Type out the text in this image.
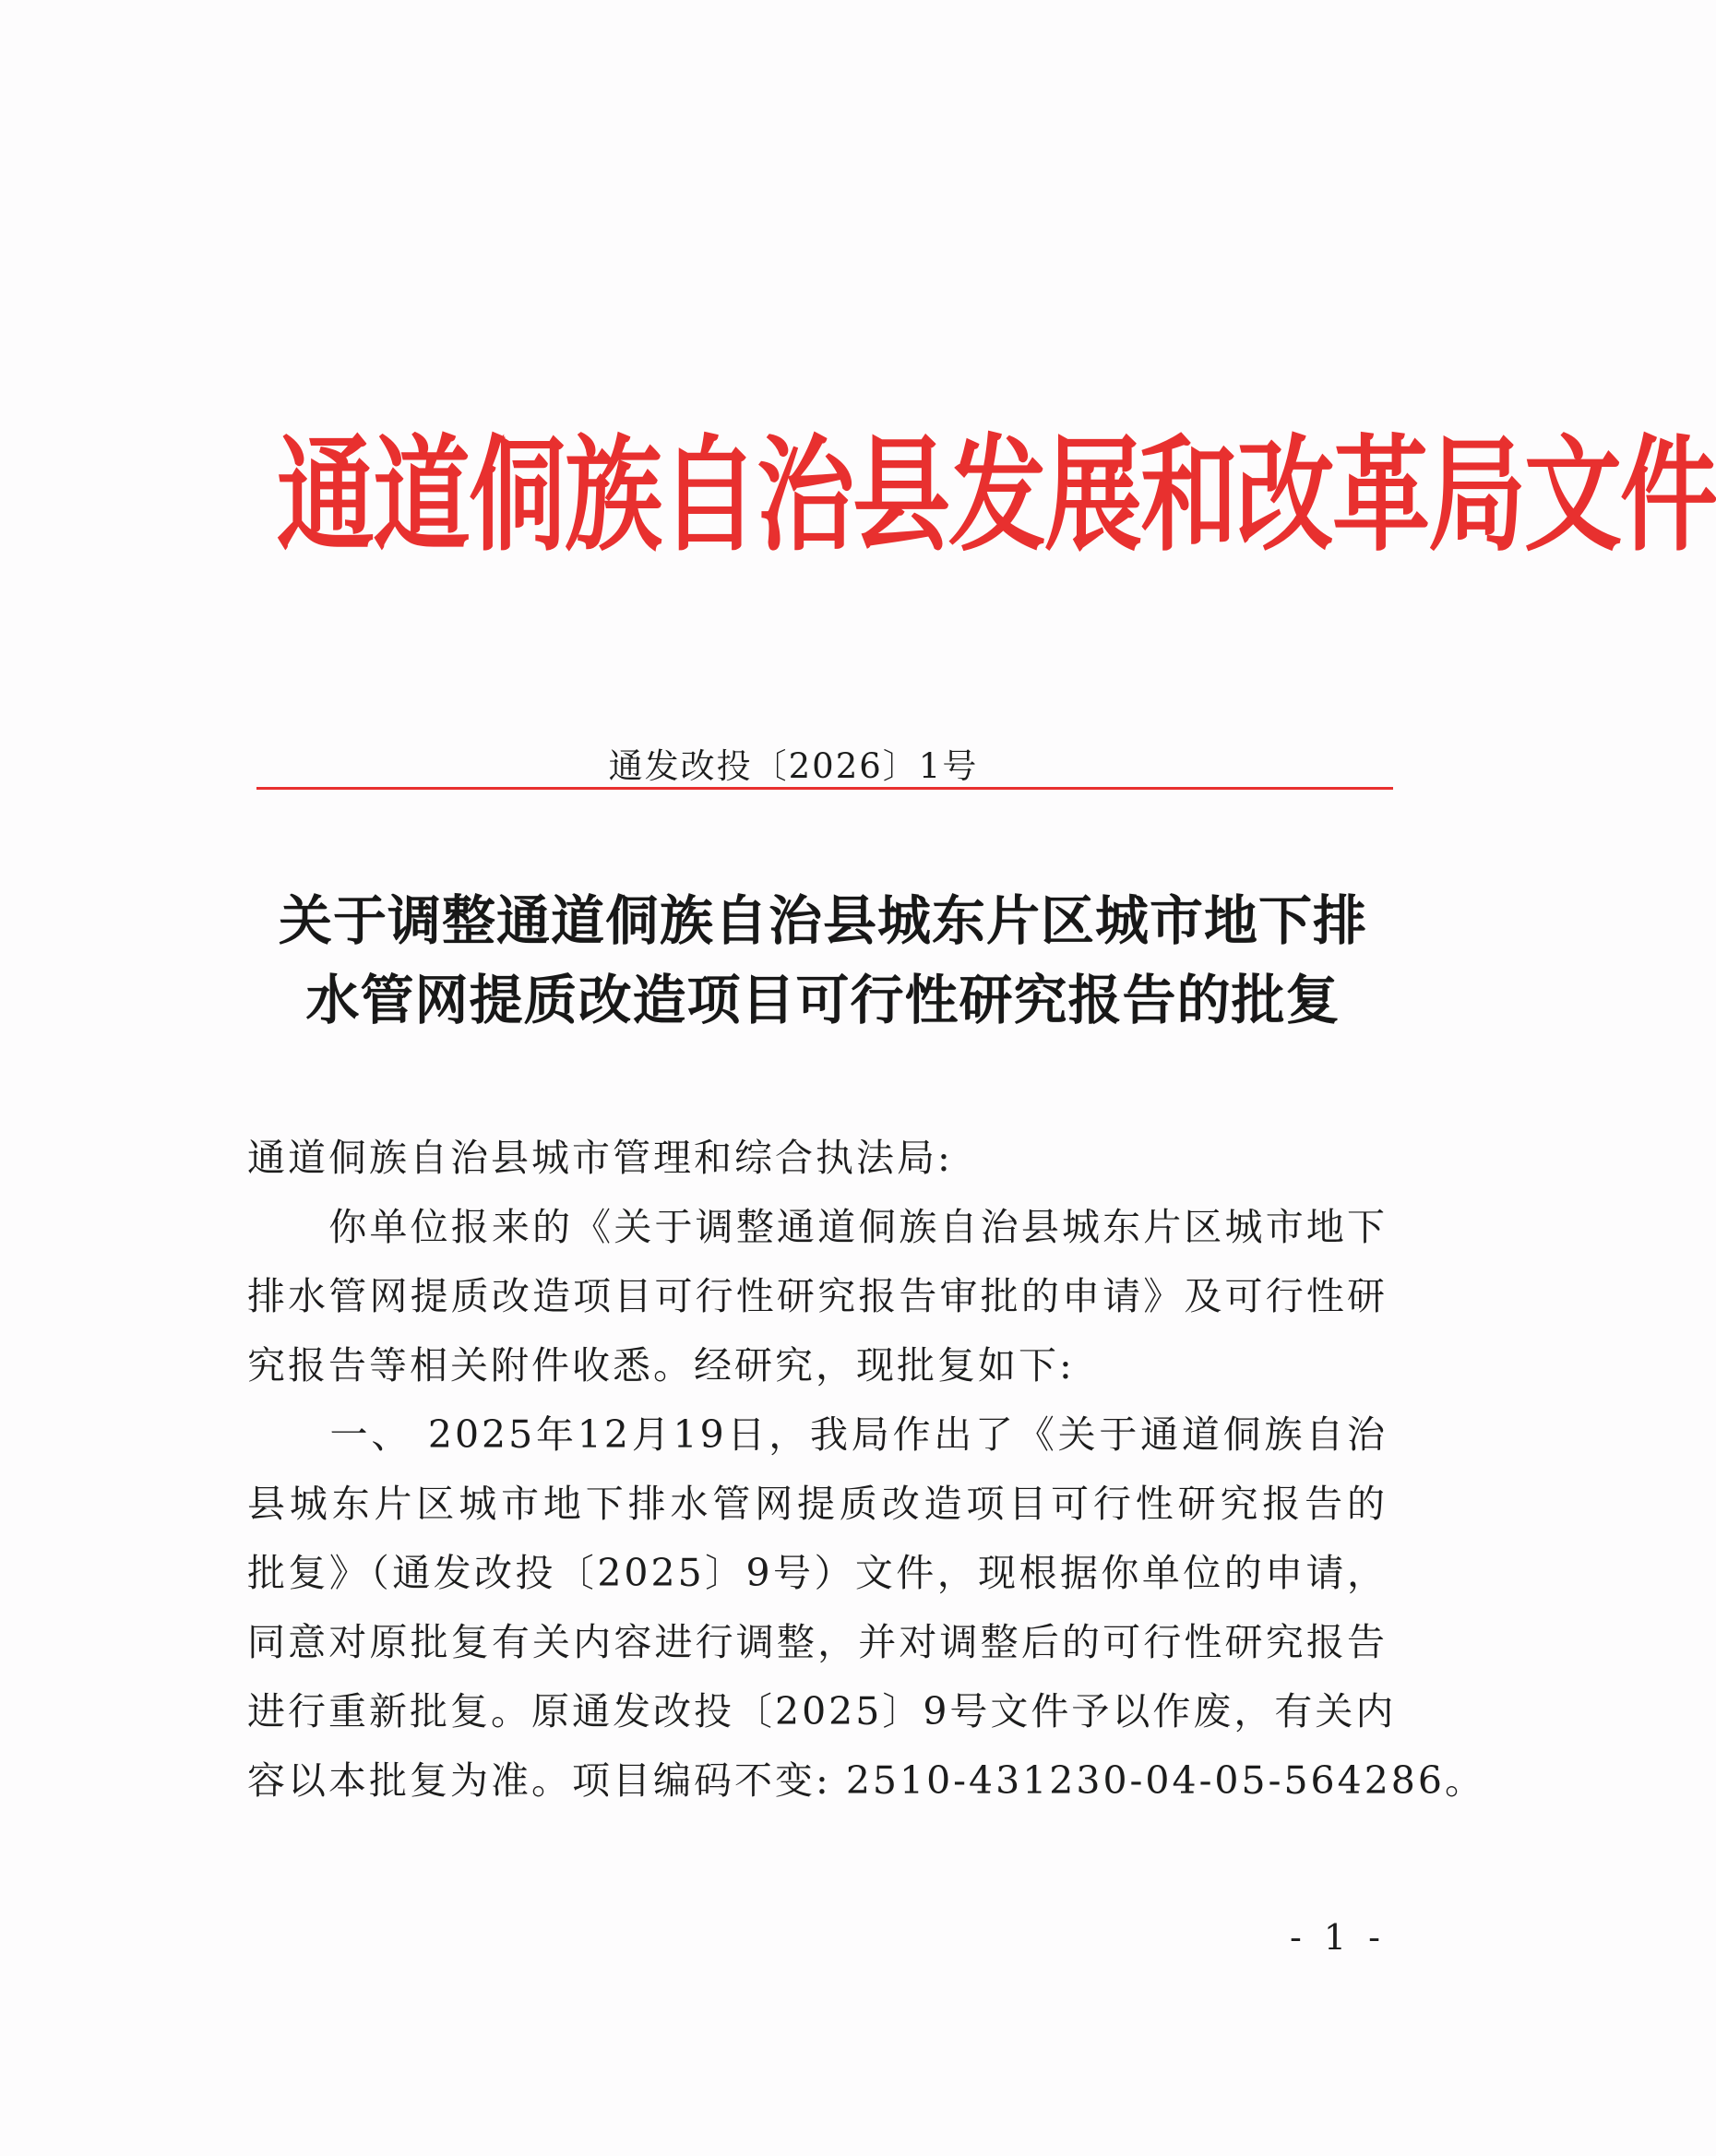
通道侗族自治县发展和改革局文件
通发改投〔2026〕1号
关于调整通道侗族自治县城东片区城市地下排
水管网提质改造项目可行性研究报告的批复
通道侗族自治县城市管理和综合执法局:
　　你单位报来的《关于调整通道侗族自治县城东片区城市地下
排水管网提质改造项目可行性研究报告审批的申请》及可行性研
究报告等相关附件收悉。经研究，现批复如下:
　　一、 2025年12月19日，我局作出了《关于通道侗族自治
县城东片区城市地下排水管网提质改造项目可行性研究报告的
批复》（通发改投〔2025〕9号）文件，现根据你单位的申请，
同意对原批复有关内容进行调整，并对调整后的可行性研究报告
进行重新批复。原通发改投〔2025〕9号文件予以作废，有关内
容以本批复为准。项目编码不变: 2510-431230-04-05-564286。
- 1 -
